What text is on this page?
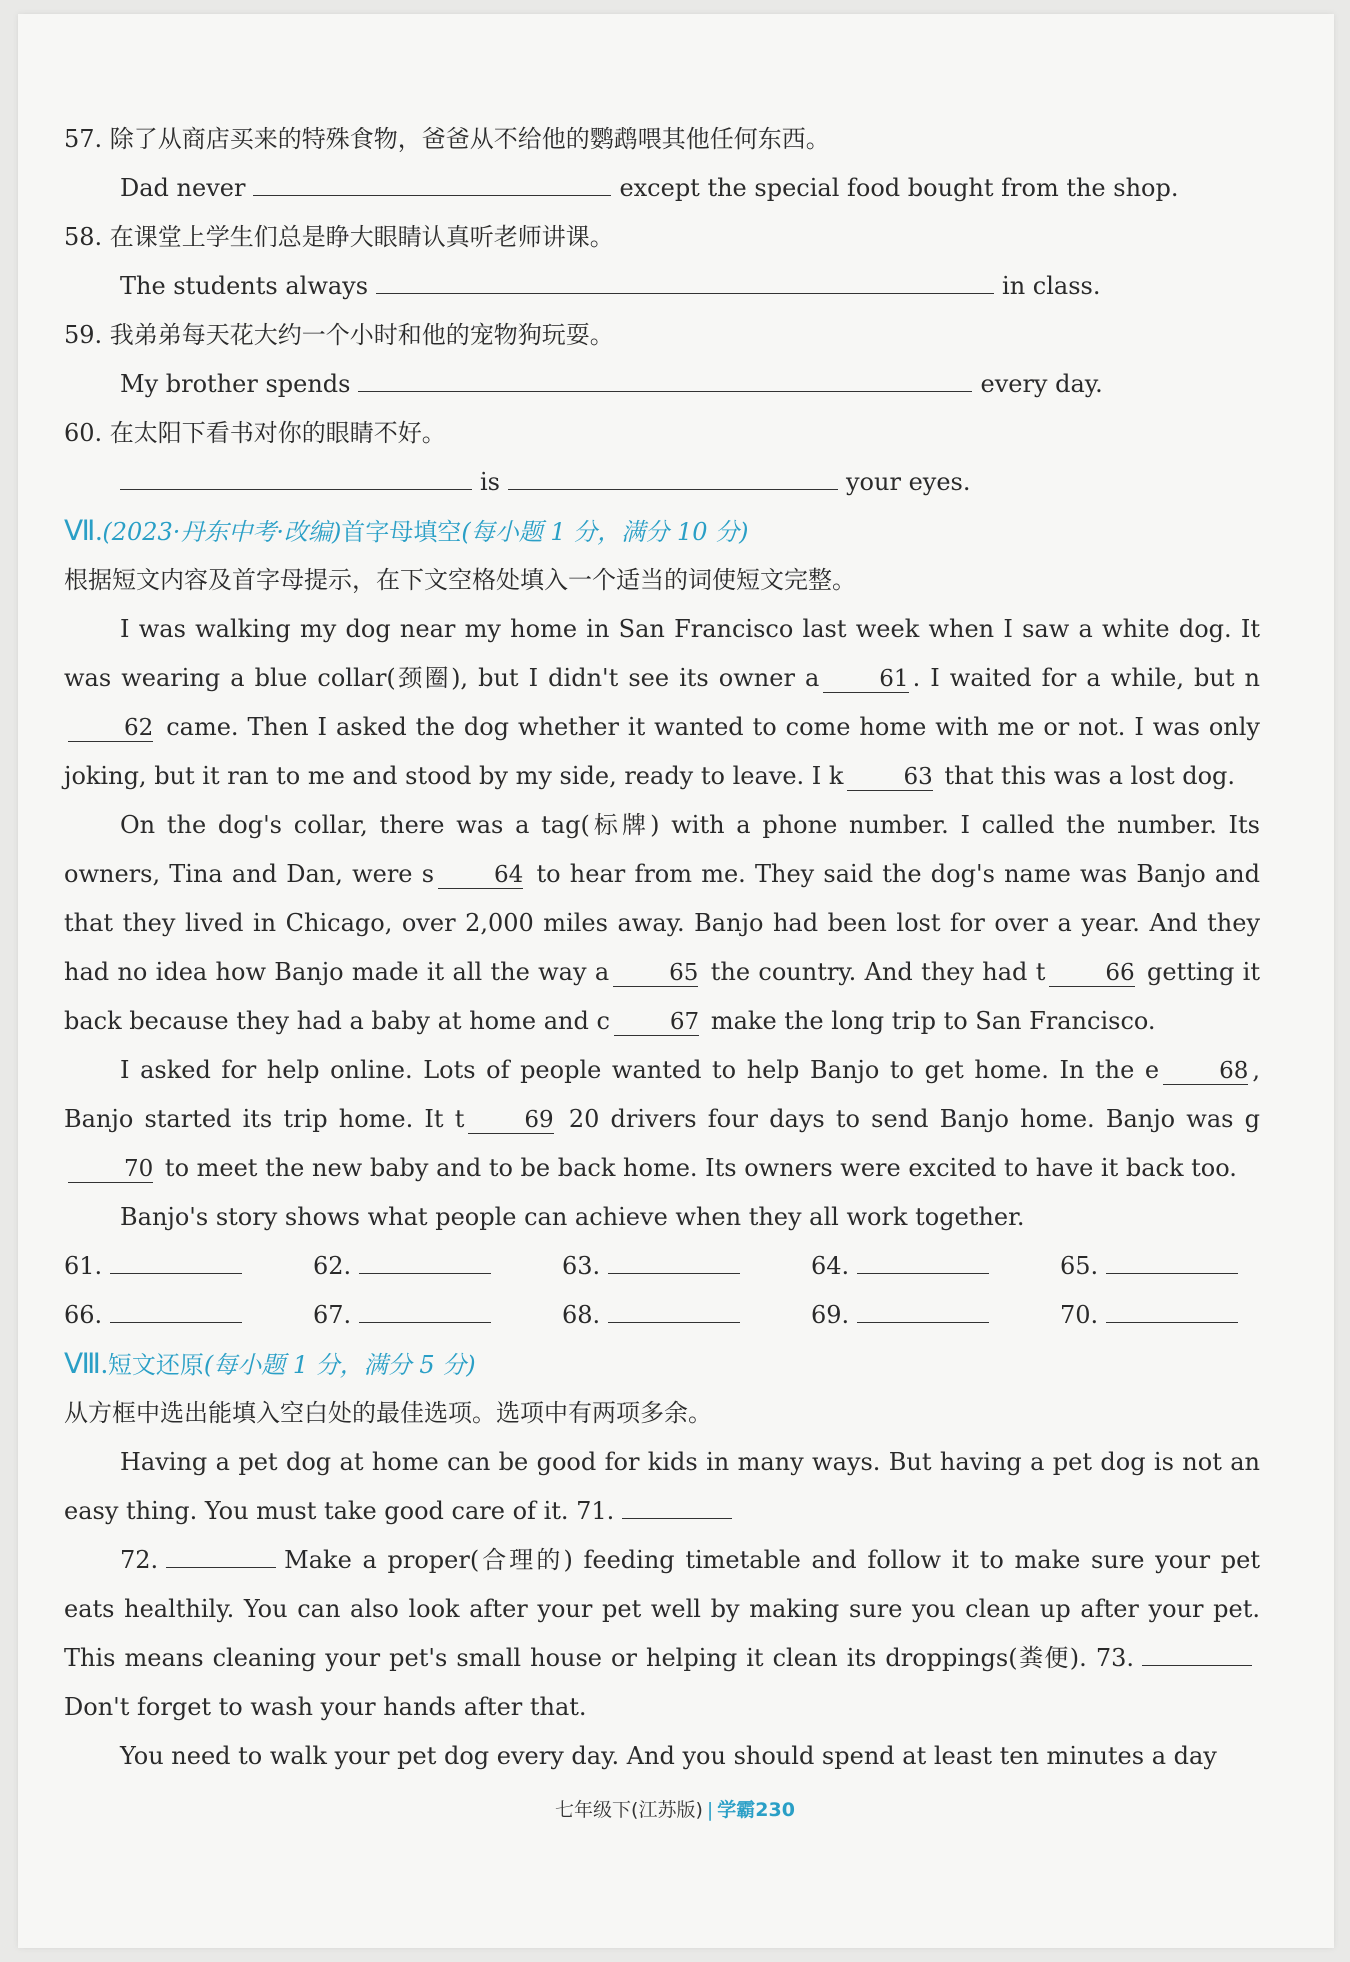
57. 除了从商店买来的特殊食物，爸爸从不给他的鹦鹉喂其他任何东西。
Dad never	except the special food bought from the shop.
58. 在课堂上学生们总是睁大眼睛认真听老师讲课。
The students always	in class.
59. 我弟弟每天花大约一个小时和他的宠物狗玩耍。
My brother spends	every day.
60. 在太阳下看书对你的眼睛不好。
is	your eyes.
Ⅶ.(2023·丹东中考·改编)首字母填空(每小题 1 分，满分 10 分)
根据短文内容及首字母提示，在下文空格处填入一个适当的词使短文完整。
I was walking my dog near my home in San Francisco last week when I saw a white dog. It was wearing a blue collar(颈圈), but I didn't see its owner a	61 . I waited for a while, but n62 came. Then I asked the dog whether it wanted to come home with me or not. I was only joking, but it ran to me and stood by my side, ready to leave. I k	63 that this was a lost dog.
On the dog's collar, there was a tag(标牌) with a phone number. I called the number. Its owners, Tina and Dan, were s	64 to hear from me. They said the dog's name was Banjo and that they lived in Chicago, over 2,000 miles away. Banjo had been lost for over a year. And they had no idea how Banjo made it all the way a	65 the country. And they had t	66 getting it back because they had a baby at home and c	67 make the long trip to San Francisco.
I asked for help online. Lots of people wanted to help Banjo to get home. In the e	68 , Banjo started its trip home. It t	69 20 drivers four days to send Banjo home. Banjo was g70 to meet the new baby and to be back home. Its owners were excited to have it back too.
Banjo's story shows what people can achieve when they all work together.
61.	62.	63.	64.	65.
66.	67.	68.	69.	70.
Ⅷ.短文还原(每小题 1 分，满分 5 分)
从方框中选出能填入空白处的最佳选项。选项中有两项多余。
Having a pet dog at home can be good for kids in many ways. But having a pet dog is not an easy thing. You must take good care of it. 71.
72.	Make a proper(合理的) feeding timetable and follow it to make sure your pet eats healthily. You can also look after your pet well by making sure you clean up after your pet. This means cleaning your pet's small house or helping it clean its droppings(粪便). 73. Don't forget to wash your hands after that.
You need to walk your pet dog every day. And you should spend at least ten minutes a day
七年级下(江苏版) | 学霸230
